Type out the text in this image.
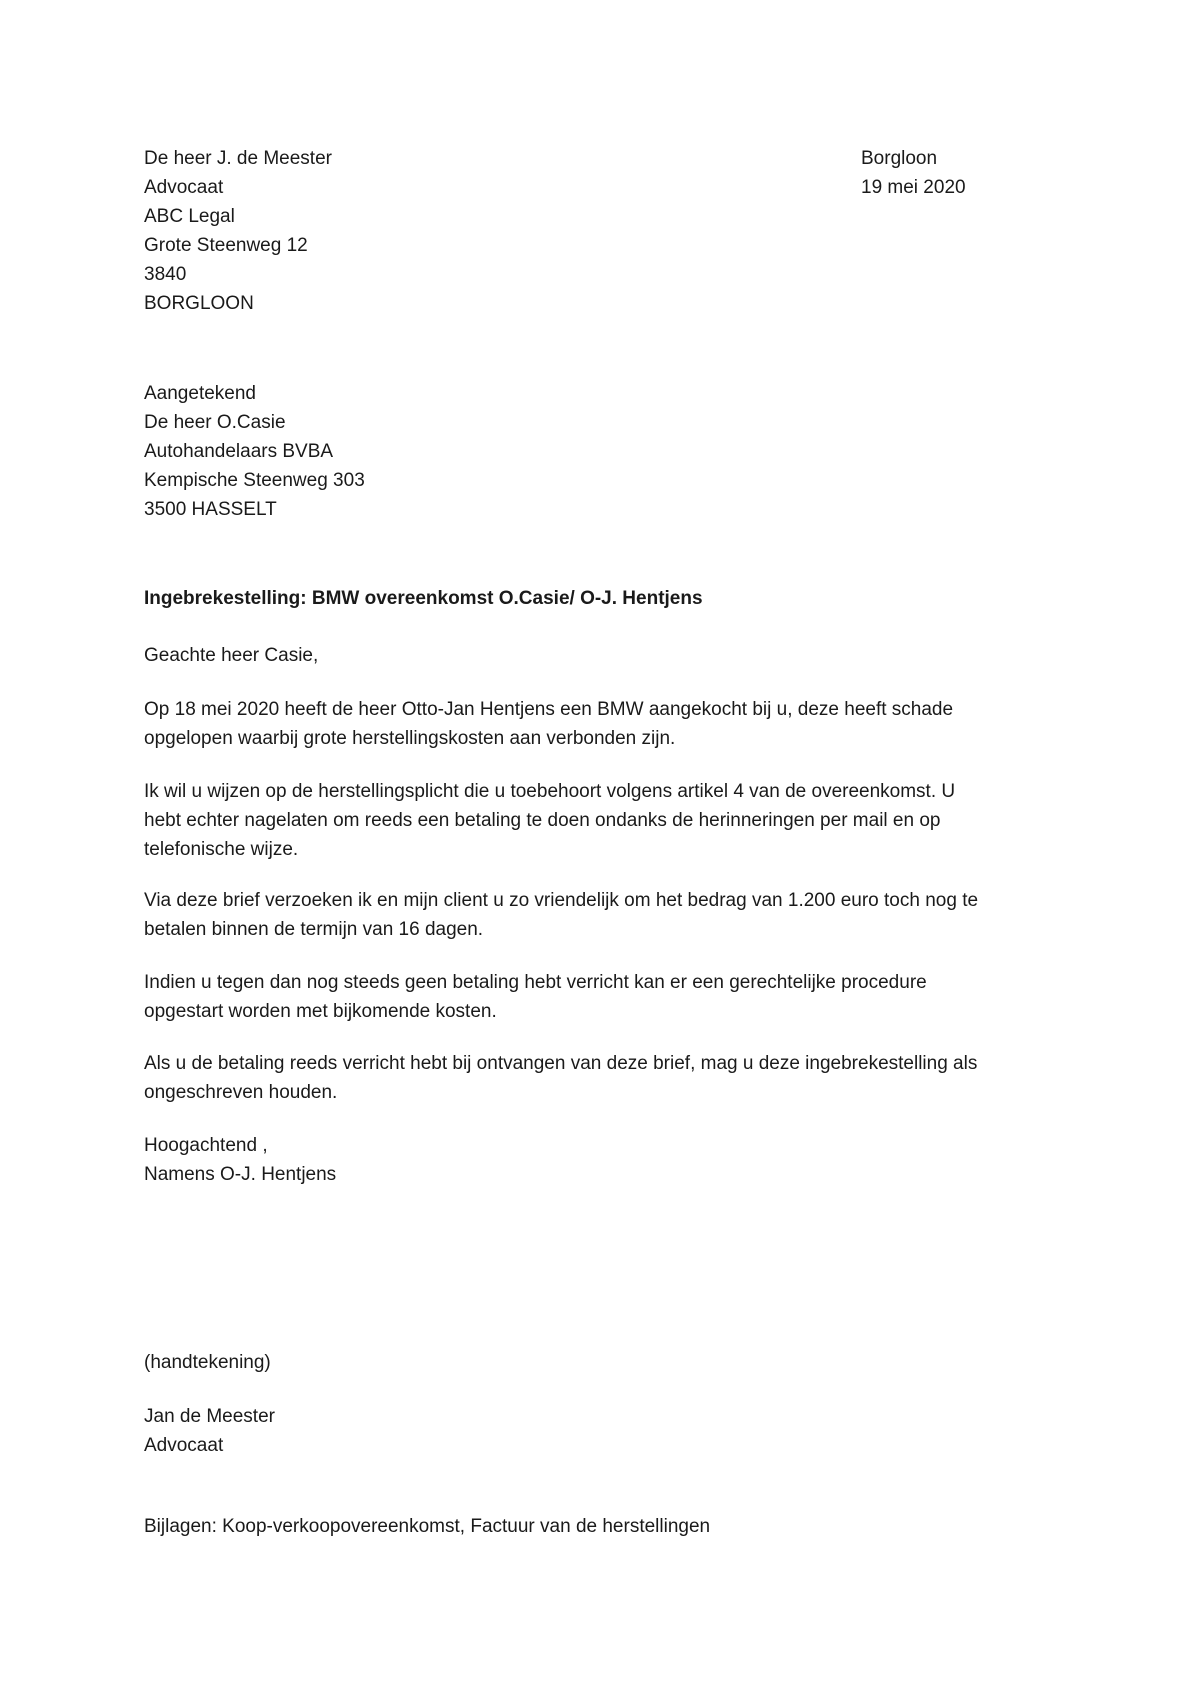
De heer J. de Meester
Advocaat
ABC Legal
Grote Steenweg 12
3840
BORGLOON
Borgloon
19 mei 2020
Aangetekend
De heer O.Casie
Autohandelaars BVBA
Kempische Steenweg 303
3500 HASSELT
Ingebrekestelling: BMW overeenkomst O.Casie/ O-J. Hentjens
Geachte heer Casie,
Op 18 mei 2020 heeft de heer Otto-Jan Hentjens een BMW aangekocht bij u, deze heeft schade
opgelopen waarbij grote herstellingskosten aan verbonden zijn.
Ik wil u wijzen op de herstellingsplicht die u toebehoort volgens artikel 4 van de overeenkomst. U
hebt echter nagelaten om reeds een betaling te doen ondanks de herinneringen per mail en op
telefonische wijze.
Via deze brief verzoeken ik en mijn client u zo vriendelijk om het bedrag van 1.200 euro toch nog te
betalen binnen de termijn van 16 dagen.
Indien u tegen dan nog steeds geen betaling hebt verricht kan er een gerechtelijke procedure
opgestart worden met bijkomende kosten.
Als u de betaling reeds verricht hebt bij ontvangen van deze brief, mag u deze ingebrekestelling als
ongeschreven houden.
Hoogachtend ,
Namens O-J. Hentjens
(handtekening)
Jan de Meester
Advocaat
Bijlagen: Koop-verkoopovereenkomst, Factuur van de herstellingen
